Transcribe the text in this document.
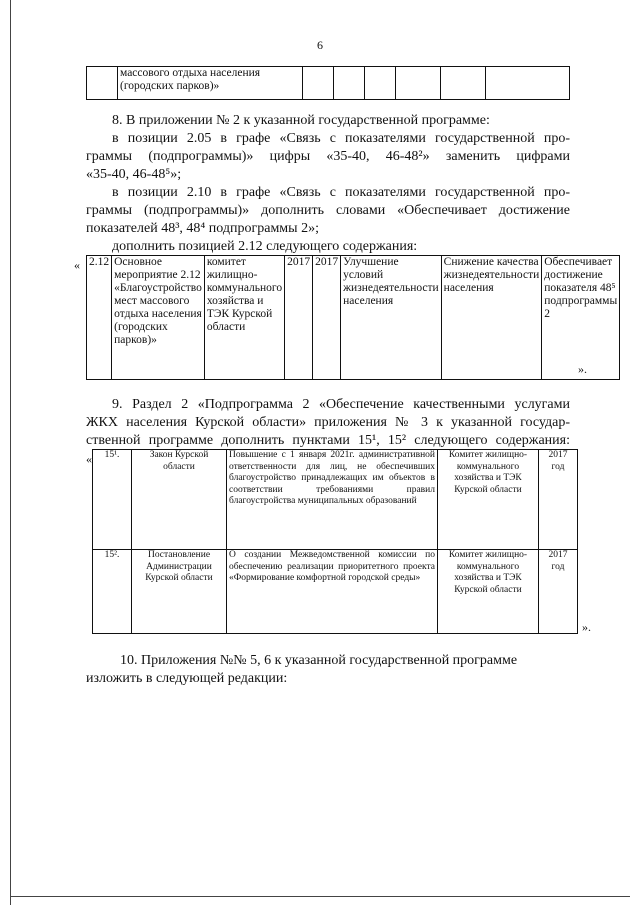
6
	массового отдыха населения (городских парков)»						

8. В приложении № 2 к указанной государственной программе:

в позиции 2.05 в графе «Связь с показателями государственной про-

граммы (подпрограммы)» цифры «35-40, 46-48²» заменить цифрами

«35-40, 46-48⁵»;

в позиции 2.10 в графе «Связь с показателями государственной про-

граммы (подпрограммы)» дополнить словами «Обеспечивает достижение

показателей 48³, 48⁴ подпрограммы 2»;

дополнить позицией 2.12 следующего содержания:

« 2.12	Основное мероприятие 2.12 «Благоустройство мест массового отдыха населения (городских парков)»	комитет жилищно-коммунального хозяйства и ТЭК Курской области	2017	2017	Улучшение условий жизнедеятельности населения	Снижение качества жизнедеятельности населения	Обеспечивает достижение показателя 48⁵ подпрограммы 2
».

9. Раздел 2 «Подпрограмма 2 «Обеспечение качественными услугами

ЖКХ населения Курской области» приложения № 3 к указанной государ-

ственной программе дополнить пунктами 15¹, 15² следующего содержания:

« 15¹.	Закон Курской области	Повышение с 1 января 2021г. административной ответственности для лиц, не обеспечивших благоустройство принадлежащих им объектов в соответствии требованиями правил благоустройства муниципальных образований	Комитет жилищно-коммунального хозяйства и ТЭК Курской области	2017 год
15².	Постановление Администрации Курской области	О создании Межведомственной комиссии по обеспечению реализации приоритетного проекта «Формирование комфортной городской среды»	Комитет жилищно-коммунального хозяйства и ТЭК Курской области	2017 год
».

10. Приложения №№ 5, 6 к указанной государственной программе

изложить в следующей редакции:
